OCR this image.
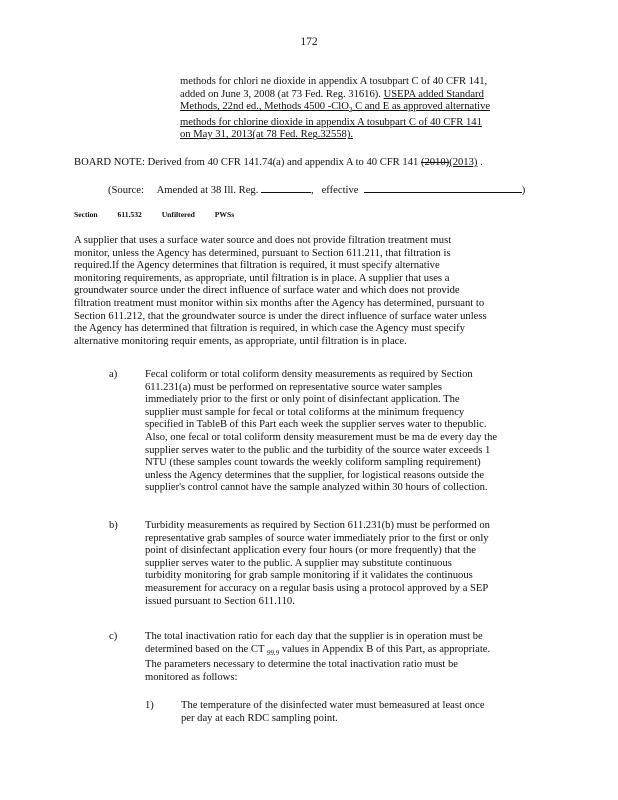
172
methods for chlori ne dioxide in appendix A tosubpart C of 40 CFR 141,
added on June 3, 2008 (at 73 Fed. Reg. 31616). USEPA added Standard
Methods, 22nd ed., Methods 4500 -ClO$_2$ C and E as approved alternative
methods for chlorine dioxide in appendix A tosubpart C of 40 CFR 141
on May 31, 2013(at 78 Fed. Reg.32558).
BOARD NOTE: Derived from 40 CFR 141.74(a) and appendix A to 40 CFR 141 (2010)(2013) .
(Source: Amended at 38 Ill. Reg.	,   effective	)
Section	611.532	Unfiltered	PWSs
A supplier that uses a surface water source and does not provide filtration treatment must
monitor, unless the Agency has determined, pursuant to Section 611.211, that filtration is
required.If the Agency determines that filtration is required, it must specify alternative
monitoring requirements, as appropriate, until filtration is in place. A supplier that uses a
groundwater source under the direct influence of surface water and which does not provide
filtration treatment must monitor within six months after the Agency has determined, pursuant to
Section 611.212, that the groundwater source is under the direct influence of surface water unless
the Agency has determined that filtration is required, in which case the Agency must specify
alternative monitoring requir ements, as appropriate, until filtration is in place.
a)	Fecal coliform or total coliform density measurements as required by Section
611.231(a) must be performed on representative source water samples
immediately prior to the first or only point of disinfectant application. The
supplier must sample for fecal or total coliforms at the minimum frequency
specified in TableB of this Part each week the supplier serves water to thepublic.
Also, one fecal or total coliform density measurement must be ma de every day the
supplier serves water to the public and the turbidity of the source water exceeds 1
NTU (these samples count towards the weekly coliform sampling requirement)
unless the Agency determines that the supplier, for logistical reasons outside the
supplier's control cannot have the sample analyzed within 30 hours of collection.
b)	Turbidity measurements as required by Section 611.231(b) must be performed on
representative grab samples of source water immediately prior to the first or only
point of disinfectant application every four hours (or more frequently) that the
supplier serves water to the public. A supplier may substitute continuous
turbidity monitoring for grab sample monitoring if it validates the continuous
measurement for accuracy on a regular basis using a protocol approved by a SEP
issued pursuant to Section 611.110.
c)	The total inactivation ratio for each day that the supplier is in operation must be
determined based on the CT $_{99.9}$ values in Appendix B of this Part, as appropriate.
The parameters necessary to determine the total inactivation ratio must be
monitored as follows:
1)	The temperature of the disinfected water must bemeasured at least once
per day at each RDC sampling point.
